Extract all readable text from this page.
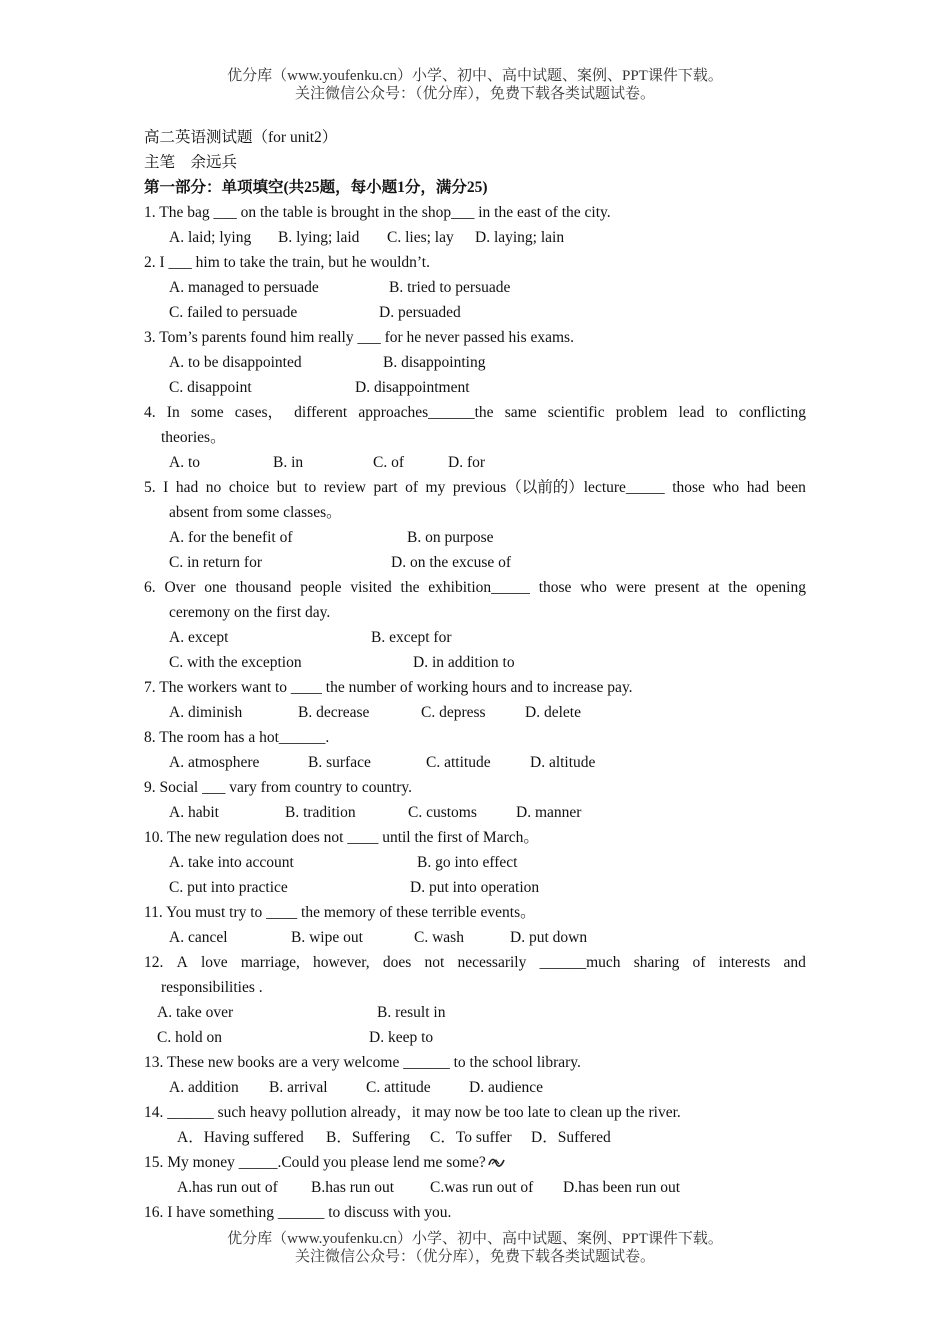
优分库（www.youfenku.cn）小学、初中、高中试题、案例、PPT课件下载。
关注微信公众号：（优分库），免费下载各类试题试卷。
高二英语测试题（for unit2）
主笔　余远兵
第一部分：单项填空(共25题，每小题1分，满分25)
1. The bag ___ on the table is brought in the shop___ in the east of the city.
A. laid; lying B. lying; laid C. lies; lay D. laying; lain
2. I ___ him to take the train, but he wouldn’t.
A. managed to persuade	B. tried to persuade
C. failed to persuade	D. persuaded
3. Tom’s parents found him really ___ for he never passed his exams.
A. to be disappointed	B. disappointing
C. disappoint	D. disappointment
4. In some cases， different approaches______the same scientific problem lead to conflicting
theories。
A. to	B. in	C. of	D. for
5. I had no choice but to review part of my previous（以前的）lecture_____ those who had been
absent from some classes。
A. for the benefit of	B. on purpose
C. in return for	D. on the excuse of
6. Over one thousand people visited the exhibition_____ those who were present at the opening
ceremony on the first day.
A. except	B. except for
C. with the exception	D. in addition to
7. The workers want to ____ the number of working hours and to increase pay.
A. diminish	B. decrease	C. depress	D. delete
8. The room has a hot______.
A. atmosphere	B. surface	C. attitude	D. altitude
9. Social ___ vary from country to country.
A. habit	B. tradition	C. customs	D. manner
10. The new regulation does not ____ until the first of March。
A. take into account	B. go into effect
C. put into practice	D. put into operation
11. You must try to ____ the memory of these terrible events。
A. cancel	B. wipe out	C. wash	D. put down
12. A love marriage, however, does not necessarily ______much sharing of interests and
responsibilities .
A. take over	B. result in
C. hold on	D. keep to
13. These new books are a very welcome ______ to the school library.
A. addition B. arrival C. attitude D. audience
14. ______ such heavy pollution already，it may now be too late to clean up the river.
A．Having suffered B．Suffering C．To suffer D．Suffered
15. My money _____.Could you please lend me some?
A.has run out of B.has run out C.was run out of D.has been run out
16. I have something ______ to discuss with you.
优分库（www.youfenku.cn）小学、初中、高中试题、案例、PPT课件下载。
关注微信公众号：（优分库），免费下载各类试题试卷。
